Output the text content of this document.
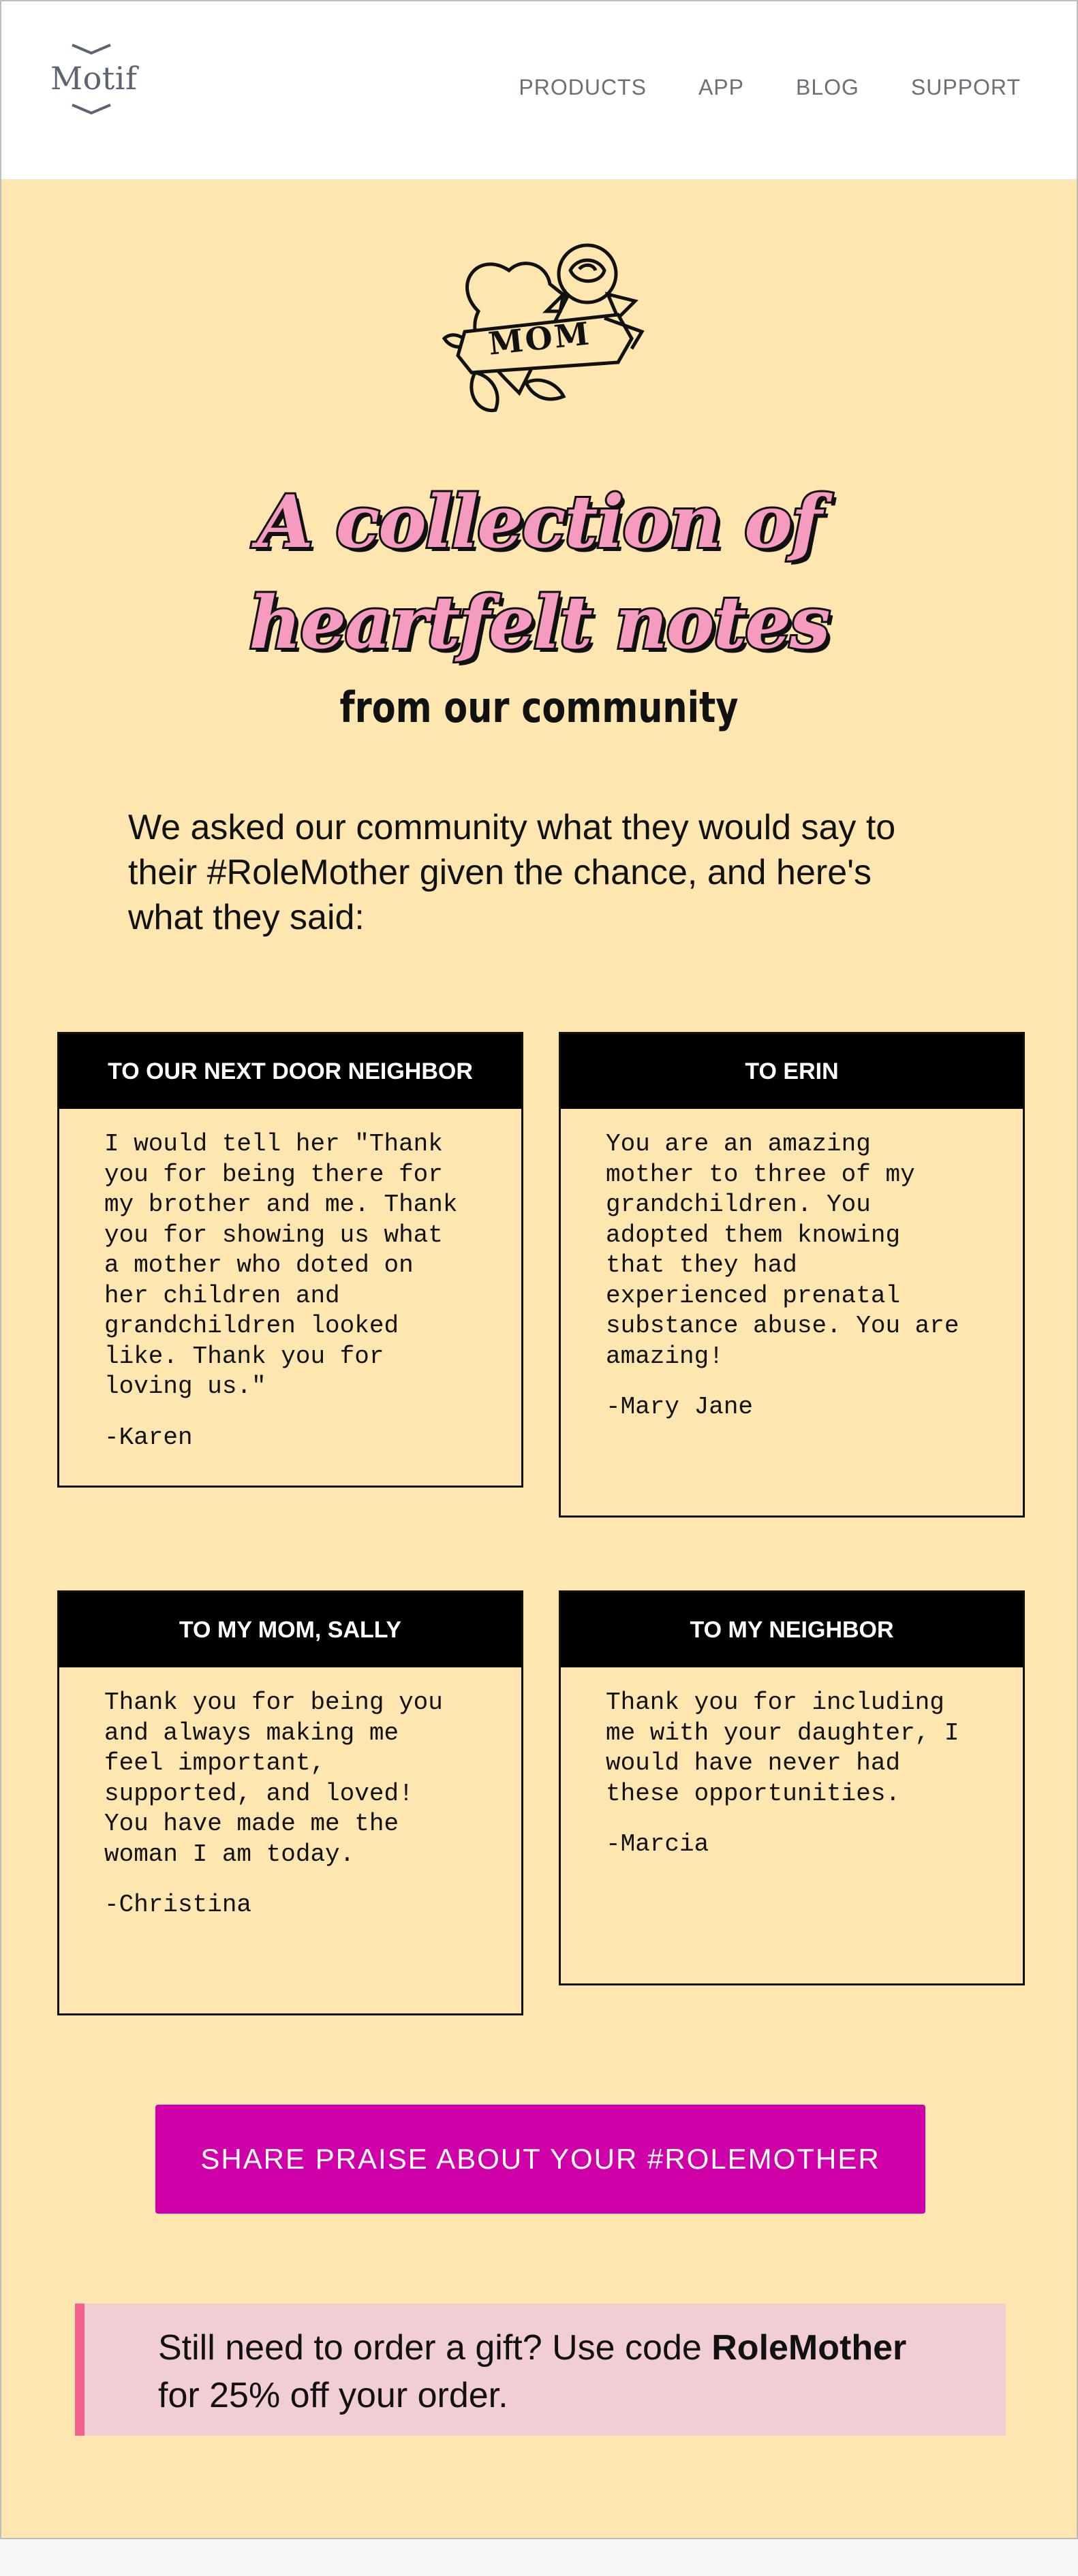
Motif	PRODUCTS APP BLOG SUPPORT
MOM
A collection of
heartfelt notes
from our community

We asked our community what they would say to their #RoleMother given the chance, and here's what they said:

TO OUR NEXT DOOR NEIGHBOR
I would tell her "Thank
you for being there for
my brother and me. Thank
you for showing us what
a mother who doted on
her children and
grandchildren looked
like. Thank you for
loving us."
-Karen
TO ERIN
You are an amazing
mother to three of my
grandchildren. You
adopted them knowing
that they had
experienced prenatal
substance abuse. You are
amazing!
-Mary Jane
TO MY MOM, SALLY
Thank you for being you
and always making me
feel important,
supported, and loved!
You have made me the
woman I am today.
-Christina
TO MY NEIGHBOR
Thank you for including
me with your daughter, I
would have never had
these opportunities.
-Marcia
SHARE PRAISE ABOUT YOUR #ROLEMOTHER
Still need to order a gift? Use code RoleMother
for 25% off your order.
